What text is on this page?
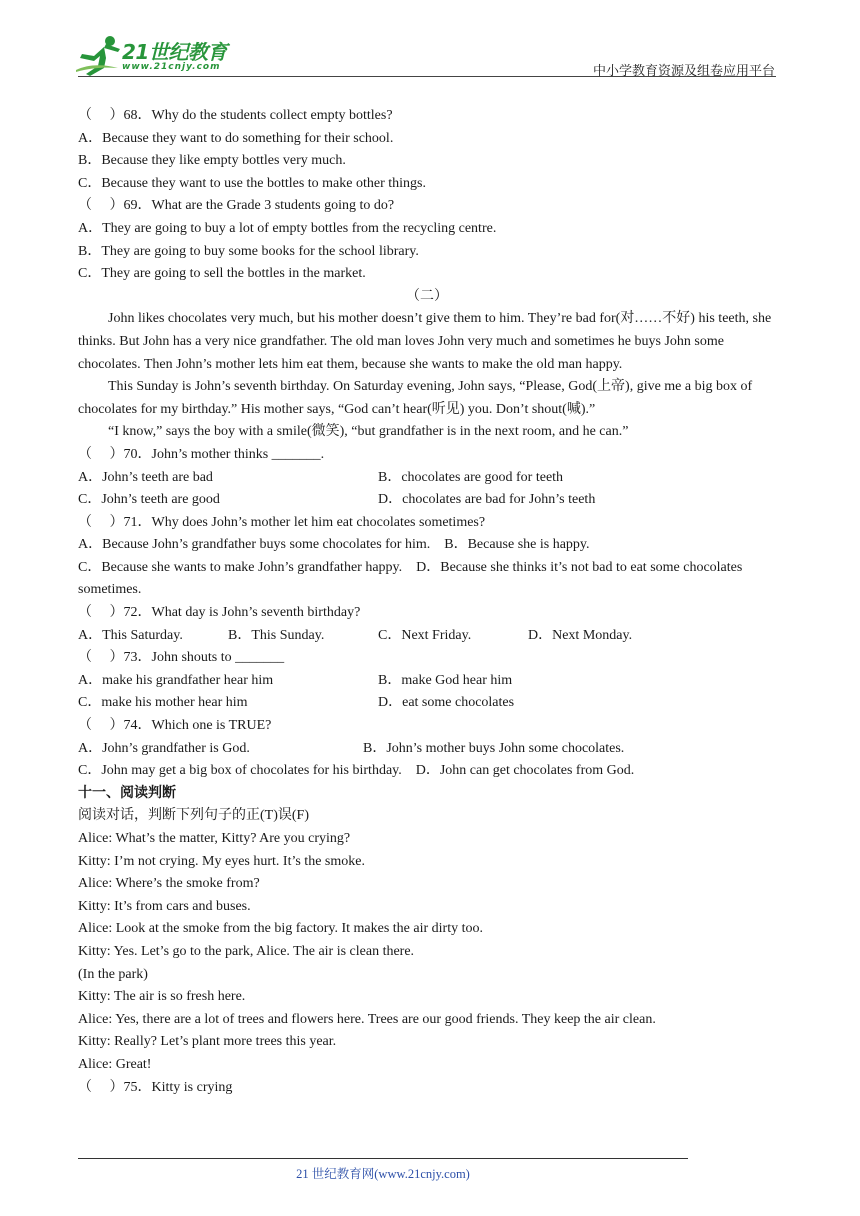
21世纪教育
www.21cnjy.com	中小学教育资源及组卷应用平台
（　 ）68．Why do the students collect empty bottles?
A．Because they want to do something for their school.
B．Because they like empty bottles very much.
C．Because they want to use the bottles to make other things.
（　 ）69．What are the Grade 3 students going to do?
A．They are going to buy a lot of empty bottles from the recycling centre.
B．They are going to buy some books for the school library.
C．They are going to sell the bottles in the market.
（二）
John likes chocolates very much, but his mother doesn’t give them to him. They’re bad for(对……不好) his teeth, she thinks. But John has a very nice grandfather. The old man loves John very much and sometimes he buys John some chocolates. Then John’s mother lets him eat them, because she wants to make the old man happy.
This Sunday is John’s seventh birthday. On Saturday evening, John says, “Please, God(上帝), give me a big box of chocolates for my birthday.” His mother says, “God can’t hear(听见) you. Don’t shout(喊).”
“I know,” says the boy with a smile(微笑), “but grandfather is in the next room, and he can.”
（　 ）70．John’s mother thinks _______.
A．John’s teeth are bad	B．chocolates are good for teeth
C．John’s teeth are good	D．chocolates are bad for John’s teeth
（　 ）71．Why does John’s mother let him eat chocolates sometimes?
A．Because John’s grandfather buys some chocolates for him.　B．Because she is happy.
C．Because she wants to make John’s grandfather happy.　D．Because she thinks it’s not bad to eat some chocolates sometimes.
（　 ）72．What day is John’s seventh birthday?
A．This Saturday.	B．This Sunday.	C．Next Friday.	D．Next Monday.
（　 ）73．John shouts to _______
A．make his grandfather hear him	B．make God hear him
C．make his mother hear him	D．eat some chocolates
（　 ）74．Which one is TRUE?
A．John’s grandfather is God.	B．John’s mother buys John some chocolates.
C．John may get a big box of chocolates for his birthday.　D．John can get chocolates from God.
十一、阅读判断
阅读对话，判断下列句子的正(T)误(F)
Alice: What’s the matter, Kitty? Are you crying?
Kitty: I’m not crying. My eyes hurt. It’s the smoke.
Alice: Where’s the smoke from?
Kitty: It’s from cars and buses.
Alice: Look at the smoke from the big factory. It makes the air dirty too.
Kitty: Yes. Let’s go to the park, Alice. The air is clean there.
(In the park)
Kitty: The air is so fresh here.
Alice: Yes, there are a lot of trees and flowers here. Trees are our good friends. They keep the air clean.
Kitty: Really? Let’s plant more trees this year.
Alice: Great!
（　 ）75．Kitty is crying
21 世纪教育网(www.21cnjy.com)
